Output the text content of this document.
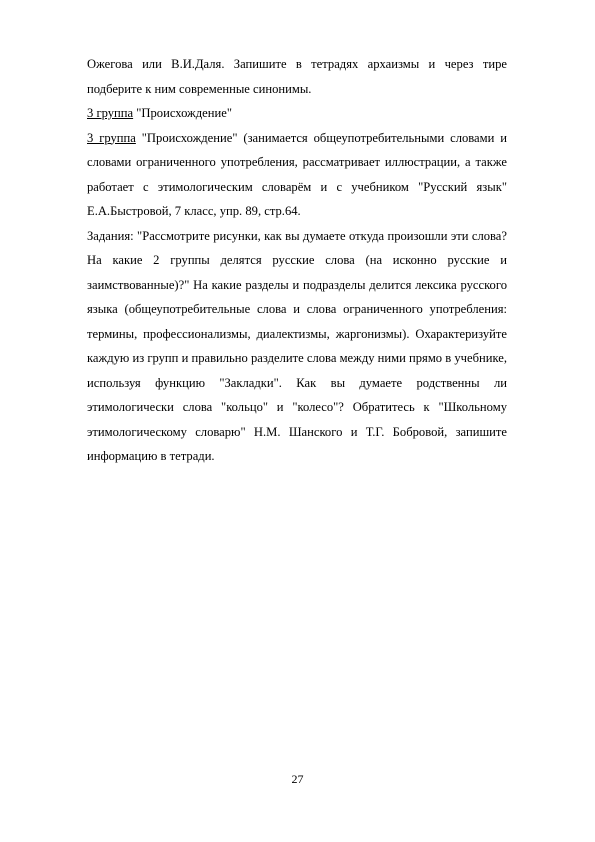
Ожегова или В.И.Даля. Запишите в тетрадях архаизмы и через тире подберите к ним современные синонимы.

3 группа "Происхождение"

3 группа "Происхождение" (занимается общеупотребительными словами и словами ограниченного употребления, рассматривает иллюстрации, а также работает с этимологическим словарём и с учебником "Русский язык" Е.А.Быстровой, 7 класс, упр. 89, стр.64.

Задания: "Рассмотрите рисунки, как вы думаете откуда произошли эти слова? На какие 2 группы делятся русские слова (на исконно русские и заимствованные)?" На какие разделы и подразделы делится лексика русского языка (общеупотребительные слова и слова ограниченного употребления: термины, профессионализмы, диалектизмы, жаргонизмы). Охарактеризуйте каждую из групп и правильно разделите слова между ними прямо в учебнике, используя функцию "Закладки". Как вы думаете родственны ли этимологически слова "кольцо" и "колесо"? Обратитесь к "Школьному этимологическому словарю" Н.М. Шанского и Т.Г. Бобровой, запишите информацию в тетради.

27
